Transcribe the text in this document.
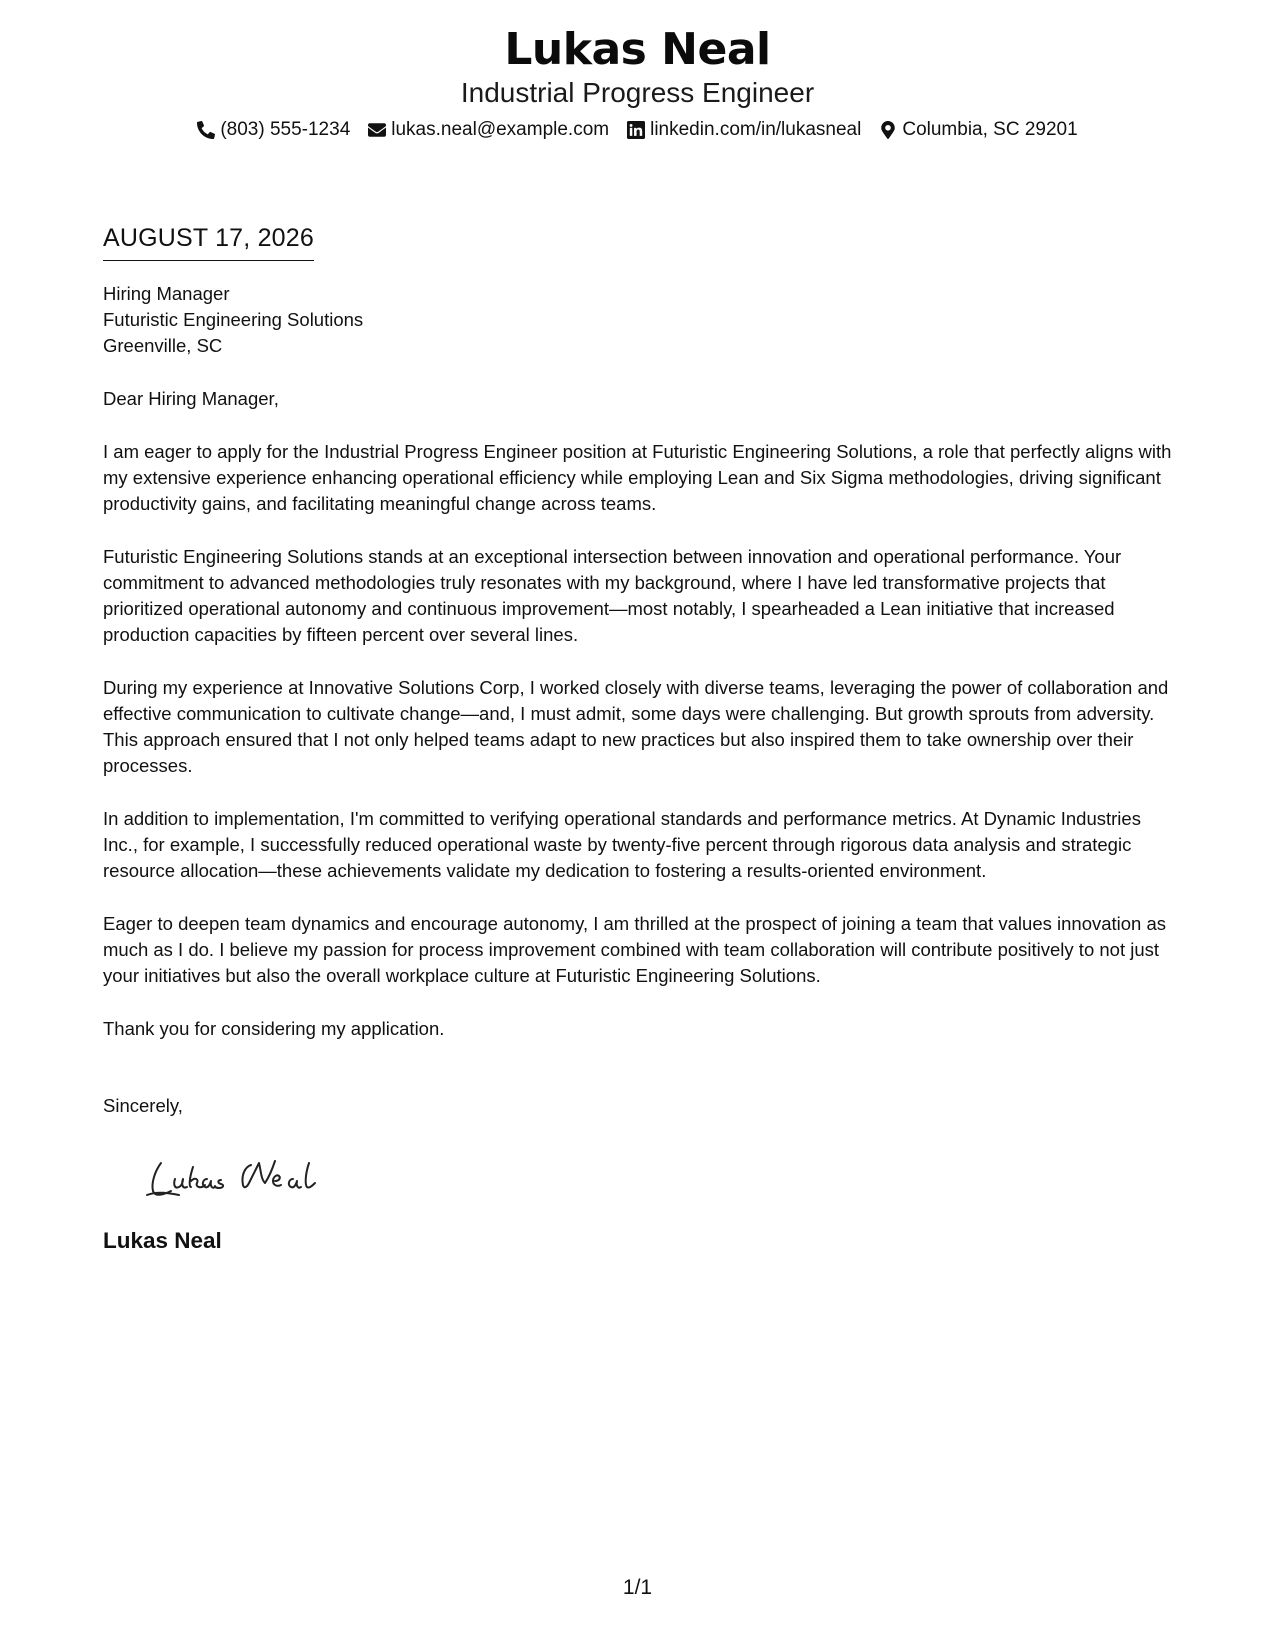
Lukas Neal
Industrial Progress Engineer
(803) 555-1234 lukas.neal@example.com linkedin.com/in/lukasneal Columbia, SC 29201
AUGUST 17, 2026
Hiring Manager
Futuristic Engineering Solutions
Greenville, SC
Dear Hiring Manager,
I am eager to apply for the Industrial Progress Engineer position at Futuristic Engineering Solutions, a role that perfectly aligns with my extensive experience enhancing operational efficiency while employing Lean and Six Sigma methodologies, driving significant productivity gains, and facilitating meaningful change across teams.
Futuristic Engineering Solutions stands at an exceptional intersection between innovation and operational performance. Your commitment to advanced methodologies truly resonates with my background, where I have led transformative projects that prioritized operational autonomy and continuous improvement—most notably, I spearheaded a Lean initiative that increased production capacities by fifteen percent over several lines.
During my experience at Innovative Solutions Corp, I worked closely with diverse teams, leveraging the power of collaboration and effective communication to cultivate change—and, I must admit, some days were challenging. But growth sprouts from adversity. This approach ensured that I not only helped teams adapt to new practices but also inspired them to take ownership over their processes.
In addition to implementation, I'm committed to verifying operational standards and performance metrics. At Dynamic Industries Inc., for example, I successfully reduced operational waste by twenty-five percent through rigorous data analysis and strategic resource allocation—these achievements validate my dedication to fostering a results-oriented environment.
Eager to deepen team dynamics and encourage autonomy, I am thrilled at the prospect of joining a team that values innovation as much as I do. I believe my passion for process improvement combined with team collaboration will contribute positively to not just your initiatives but also the overall workplace culture at Futuristic Engineering Solutions.
Thank you for considering my application.
Sincerely,
Lukas Neal
1/1
